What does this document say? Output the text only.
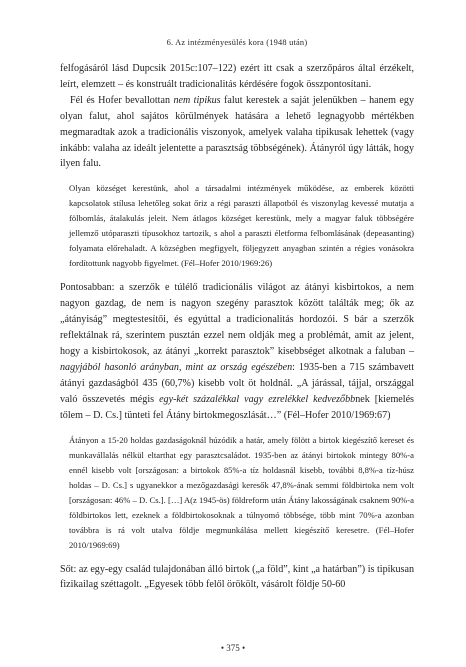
6. Az intézményesülés kora (1948 után)

felfogásáról lásd Dupcsik 2015c:107–122) ezért itt csak a szerzőpáros által érzékelt, leírt, elemzett – és konstruált tradicionalitás kérdésére fogok összpontosítani.

Fél és Hofer bevallottan nem tipikus falut kerestek a saját jelenükben – hanem egy olyan falut, ahol sajátos körülmények hatására a lehető legnagyobb mértékben megmaradtak azok a tradicionális viszonyok, amelyek valaha tipikusak lehettek (vagy inkább: valaha az ideált jelentette a parasztság többségének). Átányról úgy látták, hogy ilyen falu.

Olyan községet kerestünk, ahol a társadalmi intézmények működése, az emberek közötti kapcsolatok stílusa lehetőleg sokat őriz a régi paraszti állapotból és viszonylag kevessé mutatja a fölbomlás, átalakulás jeleit. Nem átlagos községet kerestünk, mely a magyar faluk többségére jellemző utóparaszti típusokhoz tartozik, s ahol a paraszti életforma felbomlásának (depeasanting) folyamata előrehaladt. A községben megfigyelt, följegyzett anyagban szintén a régies vonásokra fordítottunk nagyobb figyelmet. (Fél–Hofer 2010/1969:26)

Pontosabban: a szerzők e túlélő tradicionális világot az átányi kisbirtokos, a nem nagyon gazdag, de nem is nagyon szegény parasztok között találták meg; ők az „átányiság” megtestesítői, és egyúttal a tradicionalitás hordozói. S bár a szerzők reflektálnak rá, szerintem pusztán ezzel nem oldják meg a problémát, amit az jelent, hogy a kisbirtokosok, az átányi „korrekt parasztok” kisebbséget alkotnak a faluban – nagyjából hasonló arányban, mint az ország egészében: 1935-ben a 715 számbavett átányi gazdaságból 435 (60,7%) kisebb volt öt holdnál. „A járással, tájjal, országgal való összevetés mégis egy-két százalékkal vagy ezrelékkel kedvezőbbnek [kiemelés tőlem – D. Cs.] tünteti fel Átány birtokmegoszlását…” (Fél–Hofer 2010/1969:67)

Átányon a 15-20 holdas gazdaságoknál húzódik a határ, amely fölött a birtok kiegészítő kereset és munkavállalás nélkül eltarthat egy parasztcsaládot. 1935-ben az átányi birtokok mintegy 80%-a ennél kisebb volt [országosan: a birtokok 85%-a tíz holdasnál kisebb, további 8,8%-a tíz-húsz holdas – D. Cs.] s ugyanekkor a mezőgazdasági keresők 47,8%-ának semmi földbirtoka nem volt [országosan: 46% – D. Cs.]. […] A(z 1945-ös) földreform után Átány lakosságának csaknem 90%-a földbirtokos lett, ezeknek a földbirtokosoknak a túlnyomó többsége, több mint 70%-a azonban továbbra is rá volt utalva földje megmunkálása mellett kiegészítő keresetre. (Fél–Hofer 2010/1969:69)

Sőt: az egy-egy család tulajdonában álló birtok („a föld”, kint „a határban”) is tipikusan fizikailag széttagolt. „Egyesek több felől örökölt, vásárolt földje 50-60

• 375 •
